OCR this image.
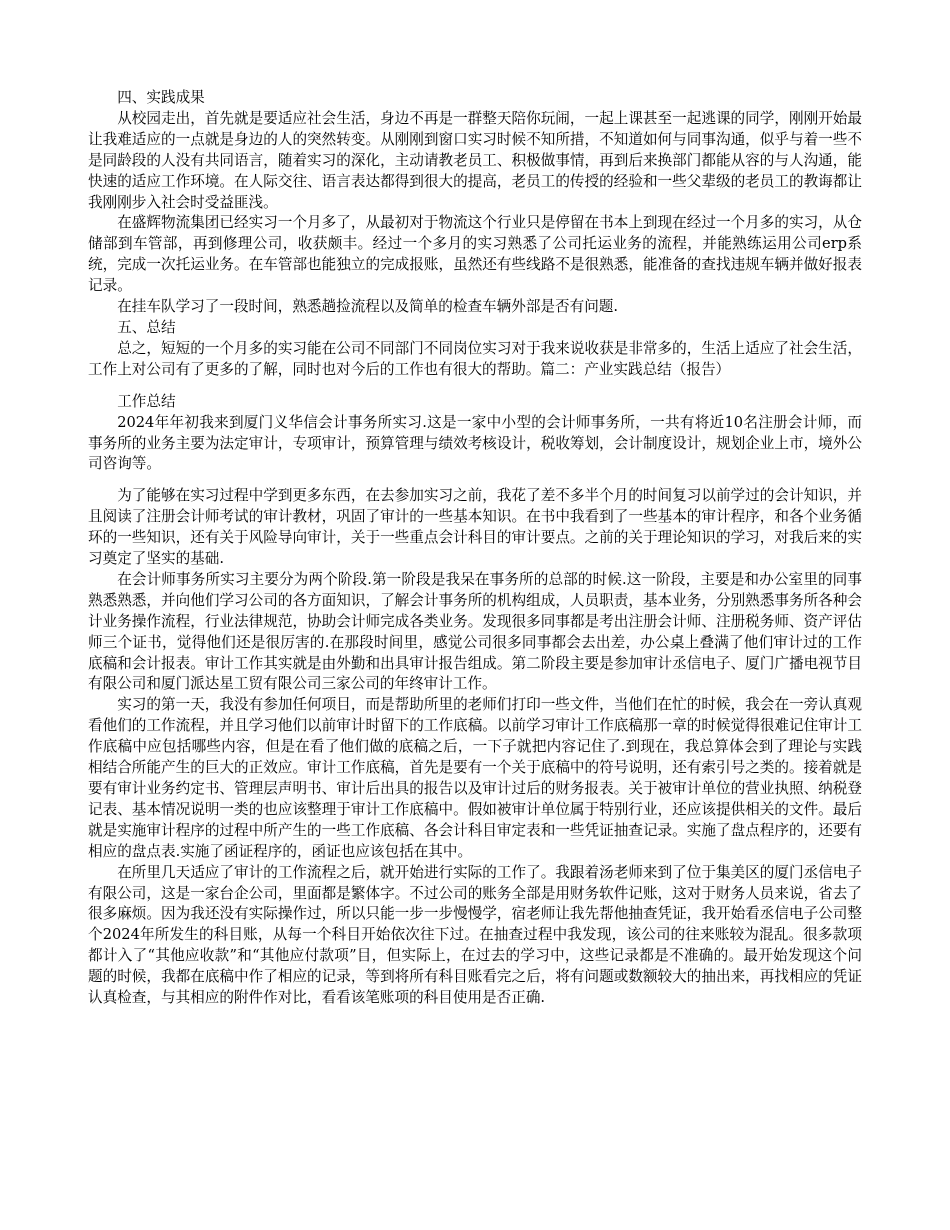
四、实践成果

从校园走出，首先就是要适应社会生活，身边不再是一群整天陪你玩闹，一起上课甚至一起逃课的同学，刚刚开始最让我难适应的一点就是身边的人的突然转变。从刚刚到窗口实习时候不知所措，不知道如何与同事沟通，似乎与着一些不是同龄段的人没有共同语言，随着实习的深化，主动请教老员工、积极做事情，再到后来换部门都能从容的与人沟通，能快速的适应工作环境。在人际交往、语言表达都得到很大的提高，老员工的传授的经验和一些父辈级的老员工的教诲都让我刚刚步入社会时受益匪浅。

在盛辉物流集团已经实习一个月多了，从最初对于物流这个行业只是停留在书本上到现在经过一个月多的实习，从仓储部到车管部，再到修理公司，收获颇丰。经过一个多月的实习熟悉了公司托运业务的流程，并能熟练运用公司erp系统，完成一次托运业务。在车管部也能独立的完成报账，虽然还有些线路不是很熟悉，能准备的查找违规车辆并做好报表记录。

在挂车队学习了一段时间，熟悉趟捡流程以及简单的检查车辆外部是否有问题.

五、总结

总之，短短的一个月多的实习能在公司不同部门不同岗位实习对于我来说收获是非常多的，生活上适应了社会生活，工作上对公司有了更多的了解，同时也对今后的工作也有很大的帮助。篇二：产业实践总结（报告）

工作总结

2024年年初我来到厦门义华信会计事务所实习.这是一家中小型的会计师事务所，一共有将近10名注册会计师，而事务所的业务主要为法定审计，专项审计，预算管理与绩效考核设计，税收筹划，会计制度设计，规划企业上市，境外公司咨询等。

为了能够在实习过程中学到更多东西，在去参加实习之前，我花了差不多半个月的时间复习以前学过的会计知识，并且阅读了注册会计师考试的审计教材，巩固了审计的一些基本知识。在书中我看到了一些基本的审计程序，和各个业务循环的一些知识，还有关于风险导向审计，关于一些重点会计科目的审计要点。之前的关于理论知识的学习，对我后来的实习奠定了坚实的基础.

在会计师事务所实习主要分为两个阶段.第一阶段是我呆在事务所的总部的时候.这一阶段，主要是和办公室里的同事熟悉熟悉，并向他们学习公司的各方面知识，了解会计事务所的机构组成，人员职责，基本业务，分别熟悉事务所各种会计业务操作流程，行业法律规范，协助会计师完成各类业务。发现很多同事都是考出注册会计师、注册税务师、资产评估师三个证书，觉得他们还是很厉害的.在那段时间里，感觉公司很多同事都会去出差，办公桌上叠满了他们审计过的工作底稿和会计报表。审计工作其实就是由外勤和出具审计报告组成。第二阶段主要是参加审计丞信电子、厦门广播电视节目有限公司和厦门派达星工贸有限公司三家公司的年终审计工作。

实习的第一天，我没有参加任何项目，而是帮助所里的老师们打印一些文件，当他们在忙的时候，我会在一旁认真观看他们的工作流程，并且学习他们以前审计时留下的工作底稿。以前学习审计工作底稿那一章的时候觉得很难记住审计工作底稿中应包括哪些内容，但是在看了他们做的底稿之后，一下子就把内容记住了.到现在，我总算体会到了理论与实践相结合所能产生的巨大的正效应。审计工作底稿，首先是要有一个关于底稿中的符号说明，还有索引号之类的。接着就是要有审计业务约定书、管理层声明书、审计后出具的报告以及审计过后的财务报表。关于被审计单位的营业执照、纳税登记表、基本情况说明一类的也应该整理于审计工作底稿中。假如被审计单位属于特别行业，还应该提供相关的文件。最后就是实施审计程序的过程中所产生的一些工作底稿、各会计科目审定表和一些凭证抽查记录。实施了盘点程序的，还要有相应的盘点表.实施了函证程序的，函证也应该包括在其中。

在所里几天适应了审计的工作流程之后，就开始进行实际的工作了。我跟着汤老师来到了位于集美区的厦门丞信电子有限公司，这是一家台企公司，里面都是繁体字。不过公司的账务全部是用财务软件记账，这对于财务人员来说，省去了很多麻烦。因为我还没有实际操作过，所以只能一步一步慢慢学，宿老师让我先帮他抽查凭证，我开始看丞信电子公司整个2024年所发生的科目账，从每一个科目开始依次往下过。在抽查过程中我发现，该公司的往来账较为混乱。很多款项都计入了“其他应收款”和“其他应付款项”目，但实际上，在过去的学习中，这些记录都是不准确的。最开始发现这个问题的时候，我都在底稿中作了相应的记录，等到将所有科目账看完之后，将有问题或数额较大的抽出来，再找相应的凭证认真检查，与其相应的附件作对比，看看该笔账项的科目使用是否正确.
